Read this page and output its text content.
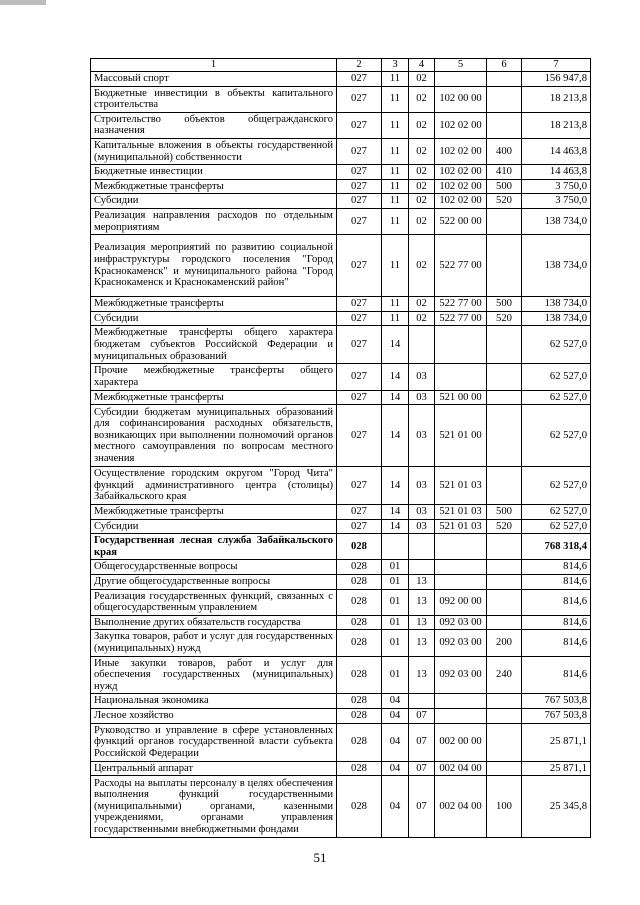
1	2	3	4	5	6	7
Массовый спорт	027	11	02			156 947,8
Бюджетные инвестиции в объекты капитального строительства	027	11	02	102 00 00		18 213,8
Строительство объектов общегражданского назначения	027	11	02	102 02 00		18 213,8
Капитальные вложения в объекты государственной (муниципальной) собственности	027	11	02	102 02 00	400	14 463,8
Бюджетные инвестиции	027	11	02	102 02 00	410	14 463,8
Межбюджетные трансферты	027	11	02	102 02 00	500	3 750,0
Субсидии	027	11	02	102 02 00	520	3 750,0
Реализация направления расходов по отдельным мероприятиям	027	11	02	522 00 00		138 734,0
Реализация мероприятий по развитию социальной инфраструктуры городского поселения "Город Краснокаменск" и муниципального района "Город Краснокаменск и Краснокаменский район"	027	11	02	522 77 00		138 734,0
Межбюджетные трансферты	027	11	02	522 77 00	500	138 734,0
Субсидии	027	11	02	522 77 00	520	138 734,0
Межбюджетные трансферты общего характера бюджетам субъектов Российской Федерации и муниципальных образований	027	14				62 527,0
Прочие межбюджетные трансферты общего характера	027	14	03			62 527,0
Межбюджетные трансферты	027	14	03	521 00 00		62 527,0
Субсидии бюджетам муниципальных образований для софинансирования расходных обязательств, возникающих при выполнении полномочий органов местного самоуправления по вопросам местного значения	027	14	03	521 01 00		62 527,0
Осуществление городским округом "Город Чита" функций административного центра (столицы) Забайкальского края	027	14	03	521 01 03		62 527,0
Межбюджетные трансферты	027	14	03	521 01 03	500	62 527,0
Субсидии	027	14	03	521 01 03	520	62 527,0
Государственная лесная служба Забайкальского края	028					768 318,4
Общегосударственные вопросы	028	01				814,6
Другие общегосударственные вопросы	028	01	13			814,6
Реализация государственных функций, связанных с общегосударственным управлением	028	01	13	092 00 00		814,6
Выполнение других обязательств государства	028	01	13	092 03 00		814,6
Закупка товаров, работ и услуг для государственных (муниципальных) нужд	028	01	13	092 03 00	200	814,6
Иные закупки товаров, работ и услуг для обеспечения государственных (муниципальных) нужд	028	01	13	092 03 00	240	814,6
Национальная экономика	028	04				767 503,8
Лесное хозяйство	028	04	07			767 503,8
Руководство и управление в сфере установленных функций органов государственной власти субъекта Российской Федерации	028	04	07	002 00 00		25 871,1
Центральный аппарат	028	04	07	002 04 00		25 871,1
Расходы на выплаты персоналу в целях обеспечения выполнения функций государственными (муниципальными) органами, казенными учреждениями, органами управления государственными внебюджетными фондами	028	04	07	002 04 00	100	25 345,8
51
